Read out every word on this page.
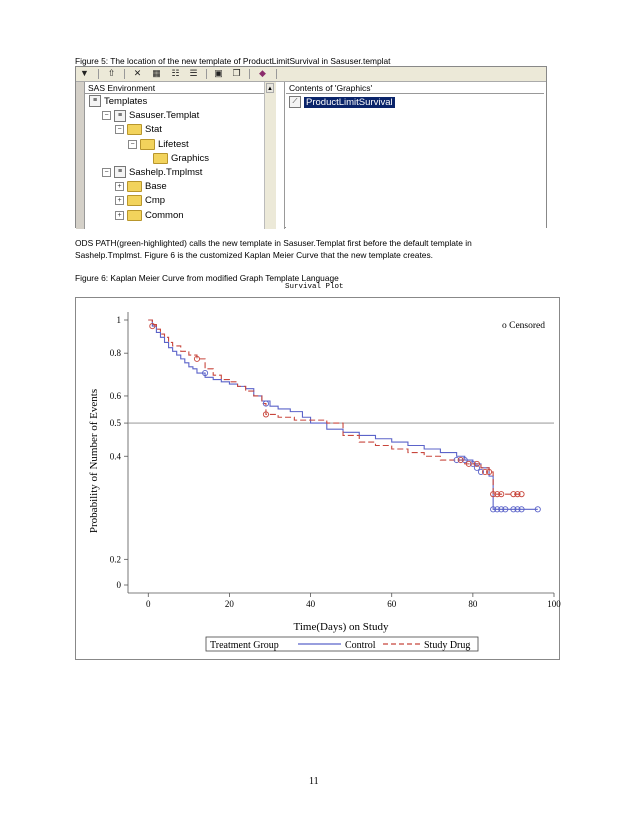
Figure 5: The location of the new template of ProductLimitSurvival in Sasuser.templat
▼	⇧	✕	▦ ☷ ☰ ▣ ❐	◆
SAS Environment
≡ Templates
− ≡ Sasuser.Templat
− Stat
− Lifetest
Graphics
− ≡ Sashelp.Tmplmst
+ Base
+ Cmp
+ Common
▲	Contents of 'Graphics'
⟋ ProductLimitSurvival
ODS PATH(green-highlighted) calls the new template in Sasuser.Templat first before the default template in
Sashelp.Tmplmst. Figure 6 is the customized Kaplan Meier Curve that the new template creates.
Figure 6: Kaplan Meier Curve from modified Graph Template Language
Survival Plot
0
0.2
0.4
0.5
0.6
0.8
1
0	20	40	60	80	100
Probability of Number of Events
Time(Days) on Study
o Censored
Treatment Group	Control	Study Drug
11
